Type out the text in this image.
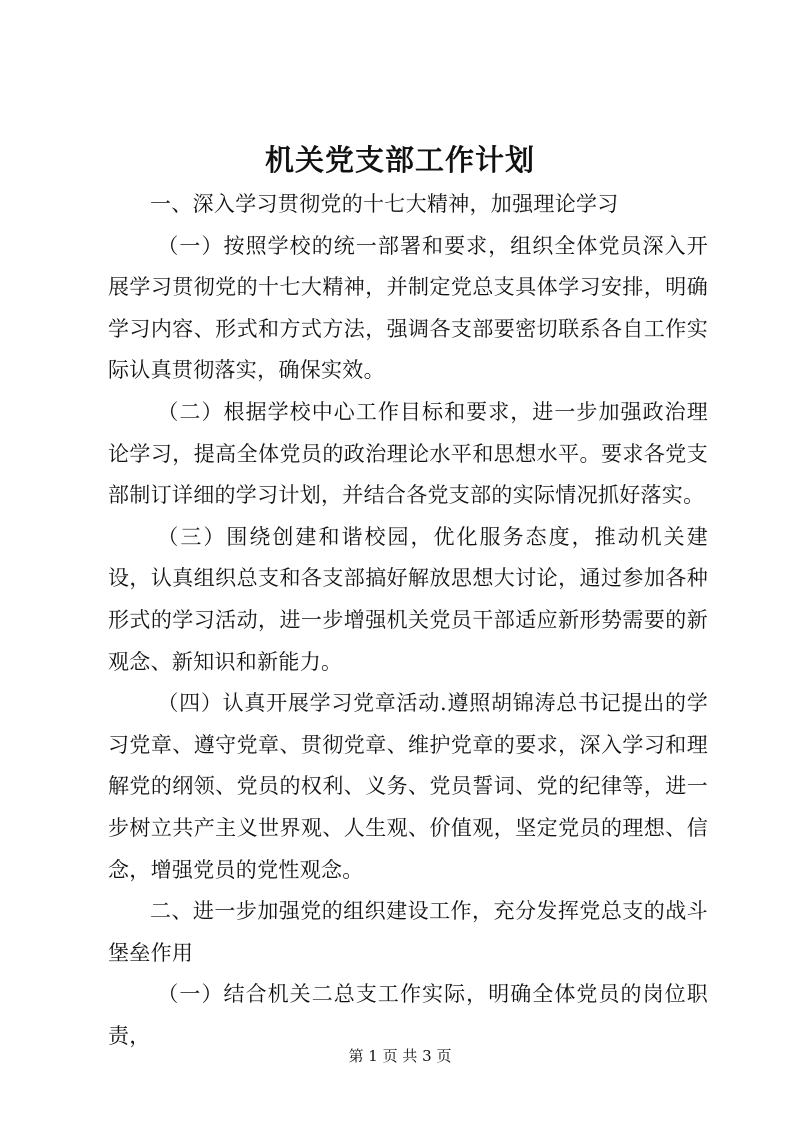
机关党支部工作计划

一、深入学习贯彻党的十七大精神，加强理论学习

（一）按照学校的统一部署和要求，组织全体党员深入开展学习贯彻党的十七大精神，并制定党总支具体学习安排，明确学习内容、形式和方式方法，强调各支部要密切联系各自工作实际认真贯彻落实，确保实效。

（二）根据学校中心工作目标和要求，进一步加强政治理论学习，提高全体党员的政治理论水平和思想水平。要求各党支部制订详细的学习计划，并结合各党支部的实际情况抓好落实。

（三）围绕创建和谐校园，优化服务态度，推动机关建设，认真组织总支和各支部搞好解放思想大讨论，通过参加各种形式的学习活动，进一步增强机关党员干部适应新形势需要的新观念、新知识和新能力。

（四）认真开展学习党章活动.遵照胡锦涛总书记提出的学习党章、遵守党章、贯彻党章、维护党章的要求，深入学习和理解党的纲领、党员的权利、义务、党员誓词、党的纪律等，进一步树立共产主义世界观、人生观、价值观，坚定党员的理想、信念，增强党员的党性观念。

二、进一步加强党的组织建设工作，充分发挥党总支的战斗堡垒作用

（一）结合机关二总支工作实际，明确全体党员的岗位职责，

第 1 页 共 3 页
